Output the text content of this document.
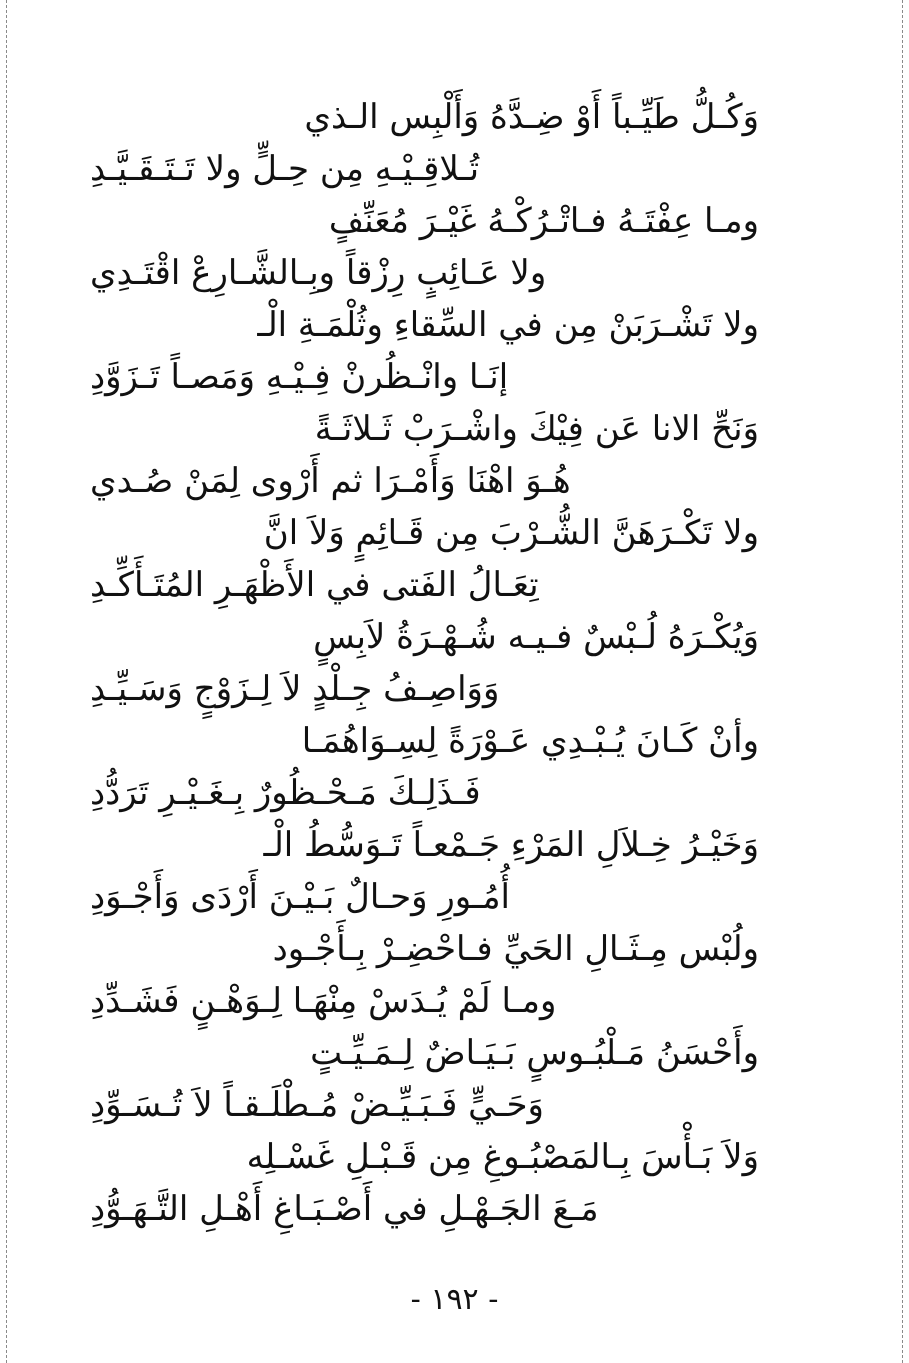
وَكُـلُّ طَيِّـباً أَوْ ضِـدَّهُ وَأَلْبِس الـذي
تُـلاقِـيْـهِ مِن حِـلٍّ ولا تَـتَـقَـيَّـدِ
ومـا عِفْتَـهُ فـاتْـرُكْـهُ غَيْـرَ مُعَنِّفٍ
ولا عَـائِبٍ رِزْقاً وبِـالشَّـارِعْ اقْتَـدِي
ولا تَشْـرَبَنْ مِن في السِّقاءِ وثُلْمَـةِ الْـ
إنَـا وانْـظُرنْ فِـيْـهِ وَمَصـاً تَـزَوَّدِ
وَنَحِّ الانا عَن فِيْكَ واشْـرَبْ ثَـلاثَـةً
هُـوَ اهْنَا وَأَمْـرَا ثم أَرْوى لِمَنْ صُـدي
ولا تَكْـرَهَنَّ الشُّـرْبَ مِن قَـائِمٍ وَلاَ انَّ
تِعَـالُ الفَتى في الأَظْهَـرِ المُتَـأَكِّـدِ
وَيُكْـرَهُ لُـبْسٌ فـيـه شُـهْـرَةُ لاَبِسٍ
وَوَاصِـفُ جِـلْدٍ لاَ لِـزَوْجٍ وَسَـيِّـدِ
وأنْ كَـانَ يُـبْـدِي عَـوْرَةً لِسِـوَاهُمَـا
فَـذَلِـكَ مَـحْـظُورٌ بِـغَـيْـرِ تَرَدُّدِ
وَخَيْـرُ خِـلاَلِ المَرْءِ جَـمْعـاً تَـوَسُّطُ الْـ
أُمُـورِ وَحـالٌ بَـيْـنَ أَرْدَى وَأَجْـوَدِ
ولُبْس مِـثَـالِ الحَيِّ فـاحْضِـرْ بِـأَجْـود
ومـا لَمْ يُـدَسْ مِنْهَـا لِـوَهْـنٍ فَشَـدِّدِ
وأَحْسَنُ مَـلْبُـوسٍ بَـيَـاضٌ لِـمَـيِّـتٍ
وَحَـيٍّ فَـبَـيِّـضْ مُـطْلَـقـاً لاَ تُـسَـوِّدِ
وَلاَ بَـأْسَ بِـالمَصْبُـوغِ مِن قَـبْـلِ غَسْـلِه
مَـعَ الجَـهْـلِ في أَصْـبَـاغِ أَهْـلِ التَّـهَـوُّدِ
- ١٩٢ -
